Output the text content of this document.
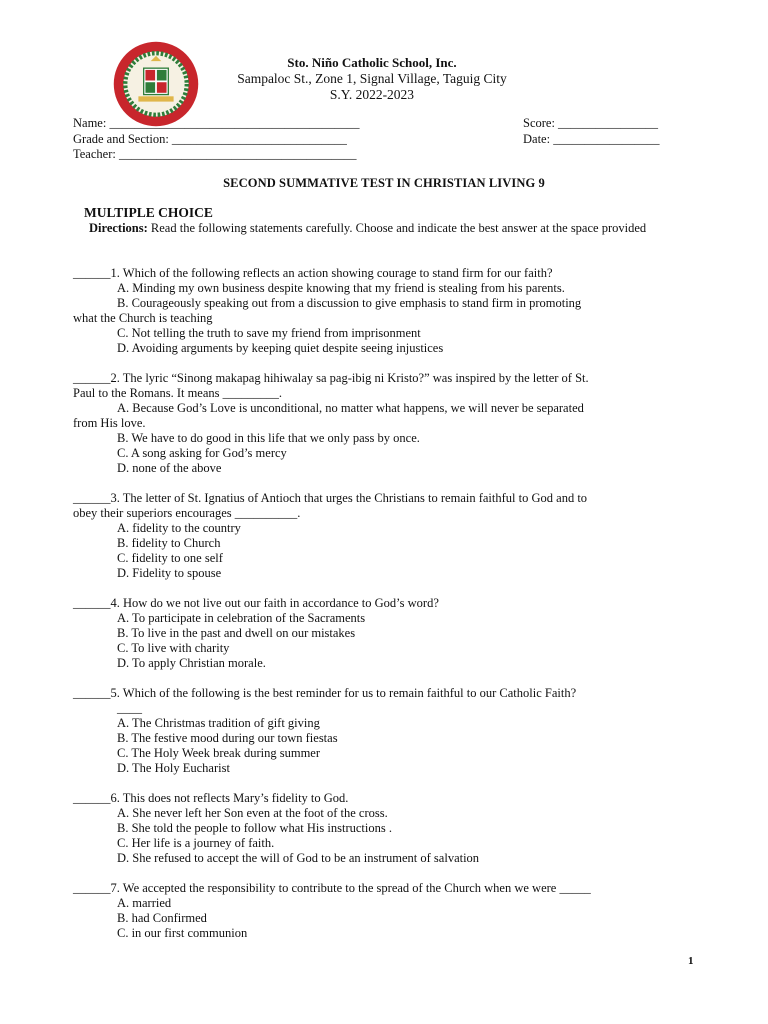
Sto. Niño Catholic School, Inc.
Sampaloc St., Zone 1, Signal Village, Taguig City
S.Y. 2022-2023
Name: ________________________________________
Grade and Section: ____________________________
Teacher: ______________________________________
Score: ________________
Date: _________________
SECOND SUMMATIVE TEST IN CHRISTIAN LIVING 9
MULTIPLE CHOICE
Directions: Read the following statements carefully. Choose and indicate the best answer at the space provided
______1. Which of the following reflects an action showing courage to stand firm for our faith?
A. Minding my own business despite knowing that my friend is stealing from his parents.
B. Courageously speaking out from a discussion to give emphasis to stand firm in promoting
what the Church is teaching
C. Not telling the truth to save my friend from imprisonment
D. Avoiding arguments by keeping quiet despite seeing injustices
______2. The lyric “Sinong makapag hihiwalay sa pag-ibig ni Kristo?” was inspired by the letter of St.
Paul to the Romans. It means _________.
A. Because God’s Love is unconditional, no matter what happens, we will never be separated
from His love.
B. We have to do good in this life that we only pass by once.
C. A song asking for God’s mercy
D. none of the above
______3. The letter of St. Ignatius of Antioch that urges the Christians to remain faithful to God and to
obey their superiors encourages __________.
A. fidelity to the country
B. fidelity to Church
C. fidelity to one self
D. Fidelity to spouse
______4. How do we not live out our faith in accordance to God’s word?
A. To participate in celebration of the Sacraments
B. To live in the past and dwell on our mistakes
C. To live with charity
D. To apply Christian morale.
______5. Which of the following is the best reminder for us to remain faithful to our Catholic Faith?
____
A. The Christmas tradition of gift giving
B. The festive mood during our town fiestas
C. The Holy Week break during summer
D. The Holy Eucharist
______6. This does not reflects Mary’s fidelity to God.
A. She never left her Son even at the foot of the cross.
B. She told the people to follow what His instructions .
C. Her life is a journey of faith.
D. She refused to accept the will of God to be an instrument of salvation
______7. We accepted the responsibility to contribute to the spread of the Church when we were _____
A. married
B. had Confirmed
C. in our first communion
1
